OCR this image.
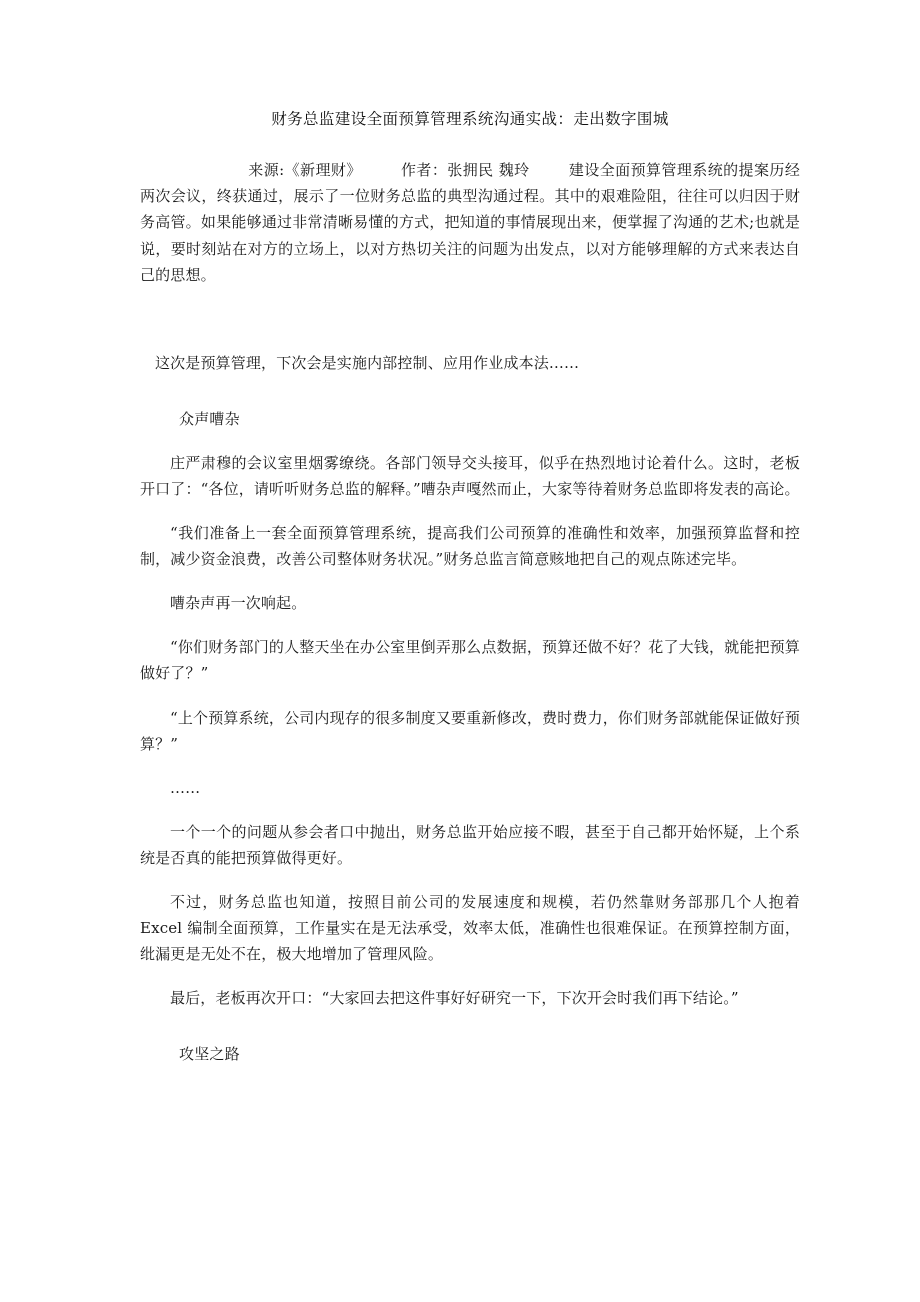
财务总监建设全面预算管理系统沟通实战：走出数字围城

来源:《新理财》	作者：张拥民 魏玲	建设全面预算管理系统的提案历经两次会议，终获通过，展示了一位财务总监的典型沟通过程。其中的艰难险阻，往往可以归因于财务高管。如果能够通过非常清晰易懂的方式，把知道的事情展现出来，便掌握了沟通的艺术;也就是说，要时刻站在对方的立场上，以对方热切关注的问题为出发点，以对方能够理解的方式来表达自己的思想。

这次是预算管理，下次会是实施内部控制、应用作业成本法……

众声嘈杂

庄严肃穆的会议室里烟雾缭绕。各部门领导交头接耳，似乎在热烈地讨论着什么。这时，老板开口了：“各位，请听听财务总监的解释。”嘈杂声嘎然而止，大家等待着财务总监即将发表的高论。

“我们准备上一套全面预算管理系统，提高我们公司预算的准确性和效率，加强预算监督和控制，减少资金浪费，改善公司整体财务状况。”财务总监言简意赅地把自己的观点陈述完毕。

嘈杂声再一次响起。

“你们财务部门的人整天坐在办公室里倒弄那么点数据，预算还做不好？花了大钱，就能把预算做好了？”

“上个预算系统，公司内现存的很多制度又要重新修改，费时费力，你们财务部就能保证做好预算？”

……

一个一个的问题从参会者口中抛出，财务总监开始应接不暇，甚至于自己都开始怀疑，上个系统是否真的能把预算做得更好。

不过，财务总监也知道，按照目前公司的发展速度和规模，若仍然靠财务部那几个人抱着 Excel 编制全面预算，工作量实在是无法承受，效率太低，准确性也很难保证。在预算控制方面，纰漏更是无处不在，极大地增加了管理风险。

最后，老板再次开口：“大家回去把这件事好好研究一下，下次开会时我们再下结论。”

攻坚之路
